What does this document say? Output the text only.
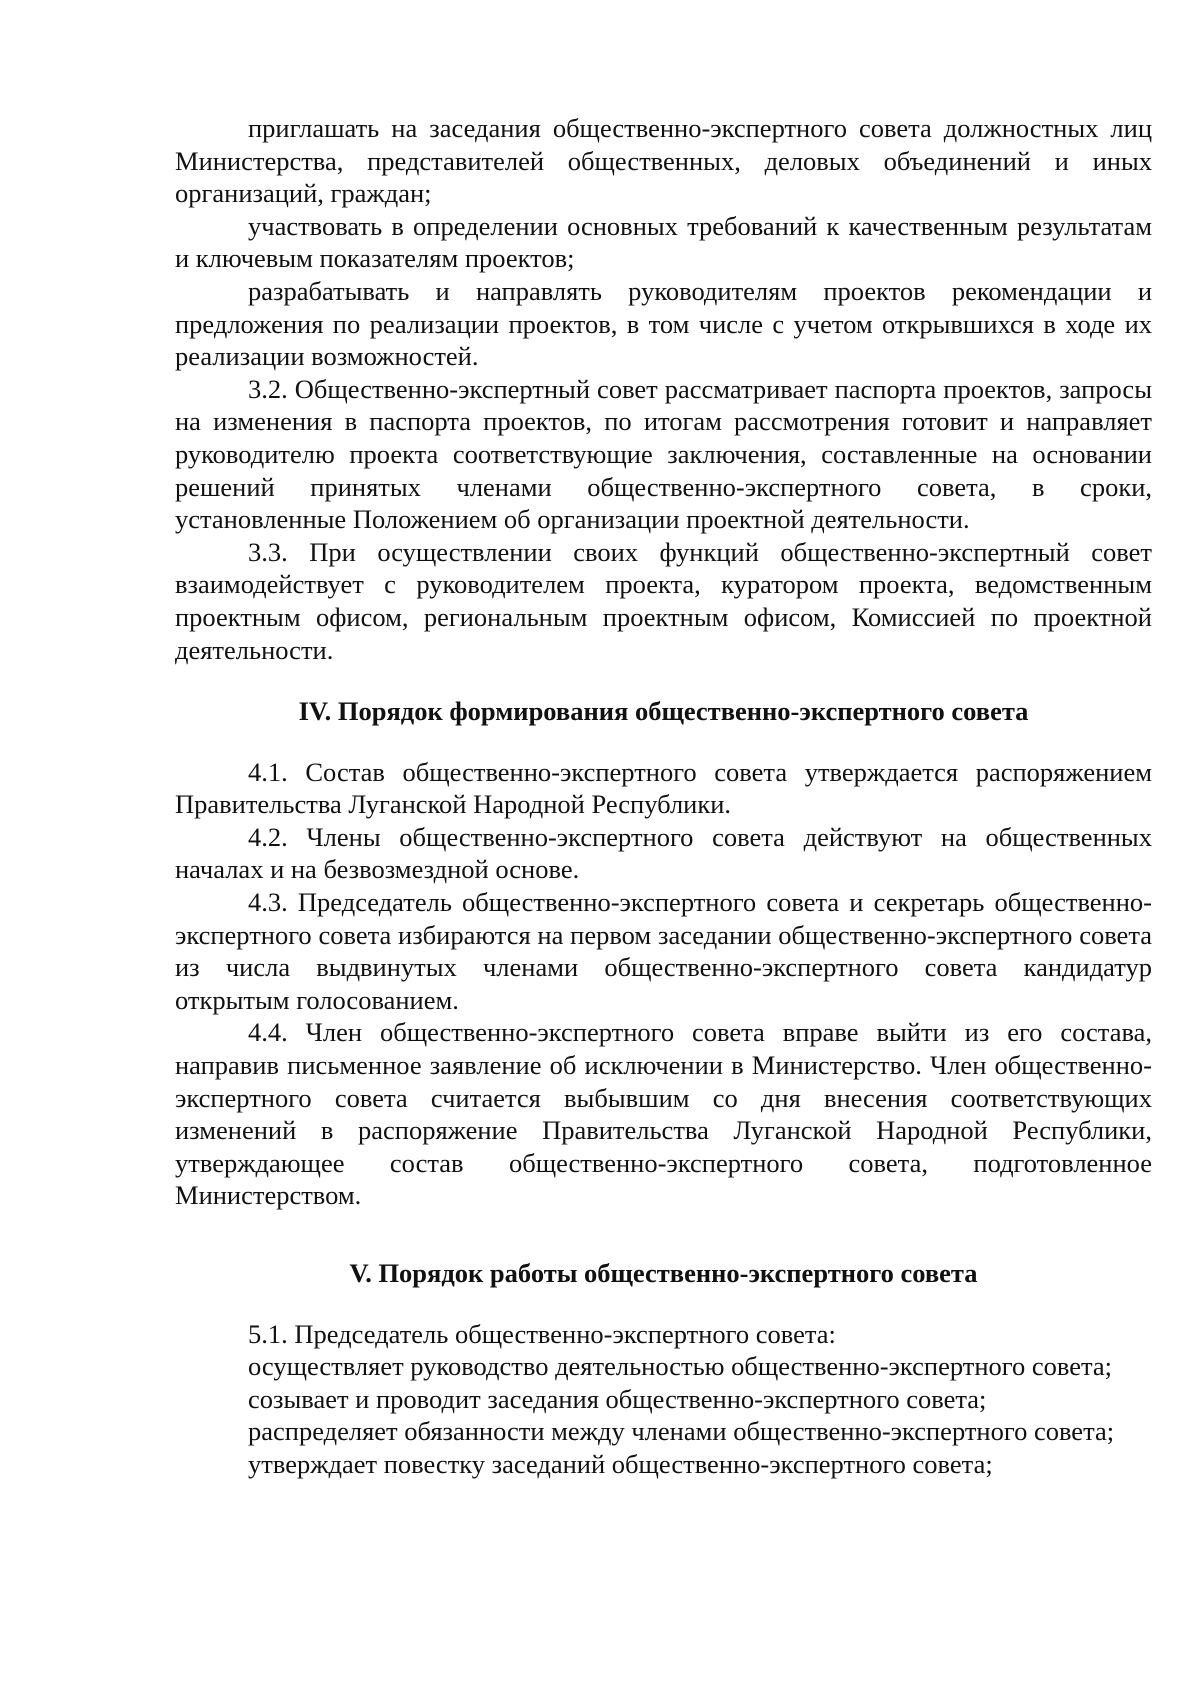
приглашать на заседания общественно-экспертного совета должностных лиц Министерства, представителей общественных, деловых объединений и иных организаций, граждан;

участвовать в определении основных требований к качественным результатам и ключевым показателям проектов;

разрабатывать и направлять руководителям проектов рекомендации и предложения по реализации проектов, в том числе с учетом открывшихся в ходе их реализации возможностей.

3.2. Общественно-экспертный совет рассматривает паспорта проектов, запросы на изменения в паспорта проектов, по итогам рассмотрения готовит и направляет руководителю проекта соответствующие заключения, составленные на основании решений принятых членами общественно-экспертного совета, в сроки, установленные Положением об организации проектной деятельности.

3.3. При осуществлении своих функций общественно-экспертный совет взаимодействует с руководителем проекта, куратором проекта, ведомственным проектным офисом, региональным проектным офисом, Комиссией по проектной деятельности.

IV. Порядок формирования общественно-экспертного совета

4.1. Состав общественно-экспертного совета утверждается распоряжением Правительства Луганской Народной Республики.

4.2. Члены общественно-экспертного совета действуют на общественных началах и на безвозмездной основе.

4.3. Председатель общественно-экспертного совета и секретарь общественно-экспертного совета избираются на первом заседании общественно-экспертного совета из числа выдвинутых членами общественно-экспертного совета кандидатур открытым голосованием.

4.4. Член общественно-экспертного совета вправе выйти из его состава, направив письменное заявление об исключении в Министерство. Член общественно-экспертного совета считается выбывшим со дня внесения соответствующих изменений в распоряжение Правительства Луганской Народной Республики, утверждающее состав общественно-экспертного совета, подготовленное Министерством.

V. Порядок работы общественно-экспертного совета

5.1. Председатель общественно-экспертного совета:

осуществляет руководство деятельностью общественно-экспертного совета;

созывает и проводит заседания общественно-экспертного совета;

распределяет обязанности между членами общественно-экспертного совета;

утверждает повестку заседаний общественно-экспертного совета;
